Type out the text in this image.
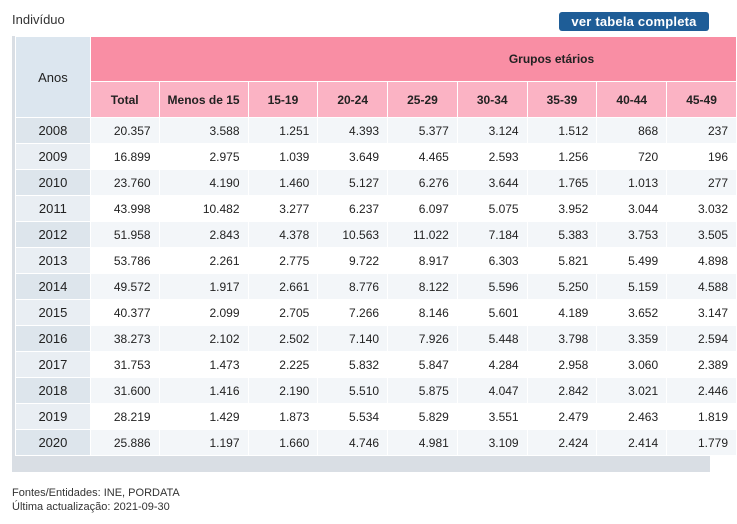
Indivíduo	ver tabela completa
Anos	Grupos etários								
	Total	Menos de 15	15-19	20-24	25-29	30-34	35-39	40-44	45-49
2008	20.357	3.588	1.251	4.393	5.377	3.124	1.512	868	237
2009	16.899	2.975	1.039	3.649	4.465	2.593	1.256	720	196
2010	23.760	4.190	1.460	5.127	6.276	3.644	1.765	1.013	277
2011	43.998	10.482	3.277	6.237	6.097	5.075	3.952	3.044	3.032
2012	51.958	2.843	4.378	10.563	11.022	7.184	5.383	3.753	3.505
2013	53.786	2.261	2.775	9.722	8.917	6.303	5.821	5.499	4.898
2014	49.572	1.917	2.661	8.776	8.122	5.596	5.250	5.159	4.588
2015	40.377	2.099	2.705	7.266	8.146	5.601	4.189	3.652	3.147
2016	38.273	2.102	2.502	7.140	7.926	5.448	3.798	3.359	2.594
2017	31.753	1.473	2.225	5.832	5.847	4.284	2.958	3.060	2.389
2018	31.600	1.416	2.190	5.510	5.875	4.047	2.842	3.021	2.446
2019	28.219	1.429	1.873	5.534	5.829	3.551	2.479	2.463	1.819
2020	25.886	1.197	1.660	4.746	4.981	3.109	2.424	2.414	1.779
Fontes/Entidades: INE, PORDATA
Última actualização: 2021-09-30
